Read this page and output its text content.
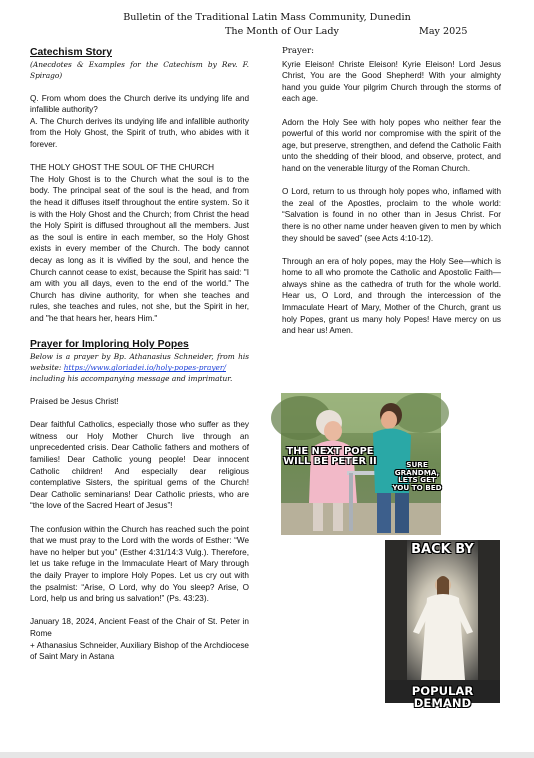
Bulletin of the Traditional Latin Mass Community, Dunedin
The Month of Our Lady	May 2025
Catechism Story

(Anecdotes & Examples for the Catechism by Rev. F. Spirago)

Q. From whom does the Church derive its undying life and infallible authority?

A. The Church derives its undying life and infallible authority from the Holy Ghost, the Spirit of truth, who abides with it forever.

THE HOLY GHOST THE SOUL OF THE CHURCH

The Holy Ghost is to the Church what the soul is to the body. The principal seat of the soul is the head, and from the head it diffuses itself throughout the entire system. So it is with the Holy Ghost and the Church; from Christ the head the Holy Spirit is diffused throughout all the members. Just as the soul is entire in each member, so the Holy Ghost exists in every member of the Church. The body cannot decay as long as it is vivified by the soul, and hence the Church cannot cease to exist, because the Spirit has said: "I am with you all days, even to the end of the world." The Church has divine authority, for when she teaches and rules, she teaches and rules, not she, but the Spirit in her, and "he that hears her, hears Him."

Prayer for Imploring Holy Popes

Below is a prayer by Bp. Athanasius Schneider, from his website: https://www.gloriadei.io/holy-popes-prayer/
including his accompanying message and imprimatur.

Praised be Jesus Christ!

Dear faithful Catholics, especially those who suffer as they witness our Holy Mother Church live through an unprecedented crisis. Dear Catholic fathers and mothers of families! Dear Catholic young people! Dear innocent Catholic children! And especially dear religious contemplative Sisters, the spiritual gems of the Church! Dear Catholic seminarians! Dear Catholic priests, who are “the love of the Sacred Heart of Jesus”!

The confusion within the Church has reached such the point that we must pray to the Lord with the words of Esther: “We have no helper but you” (Esther 4:31/14:3 Vulg.). Therefore, let us take refuge in the Immaculate Heart of Mary through the daily Prayer to implore Holy Popes. Let us cry out with the psalmist: “Arise, O Lord, why do You sleep? Arise, O Lord, help us and bring us salvation!” (Ps. 43:23).

January 18, 2024, Ancient Feast of the Chair of St. Peter in Rome

+ Athanasius Schneider, Auxiliary Bishop of the Archdiocese of Saint Mary in Astana

Prayer:

Kyrie Eleison! Christe Eleison! Kyrie Eleison! Lord Jesus Christ, You are the Good Shepherd! With your almighty hand you guide Your pilgrim Church through the storms of each age.

Adorn the Holy See with holy popes who neither fear the powerful of this world nor compromise with the spirit of the age, but preserve, strengthen, and defend the Catholic Faith unto the shedding of their blood, and observe, protect, and hand on the venerable liturgy of the Roman Church.

O Lord, return to us through holy popes who, inflamed with the zeal of the Apostles, proclaim to the whole world: “Salvation is found in no other than in Jesus Christ. For there is no other name under heaven given to men by which they should be saved” (see Acts 4:10-12).

Through an era of holy popes, may the Holy See—which is home to all who promote the Catholic and Apostolic Faith— always shine as the cathedra of truth for the whole world. Hear us, O Lord, and through the intercession of the Immaculate Heart of Mary, Mother of the Church, grant us holy Popes, grant us many holy Popes! Have mercy on us and hear us! Amen.

THE NEXT POPE WILL BE PETER II	SURE GRANDMA, LETS GET YOU TO BED
BACK BY
POPULAR DEMAND
